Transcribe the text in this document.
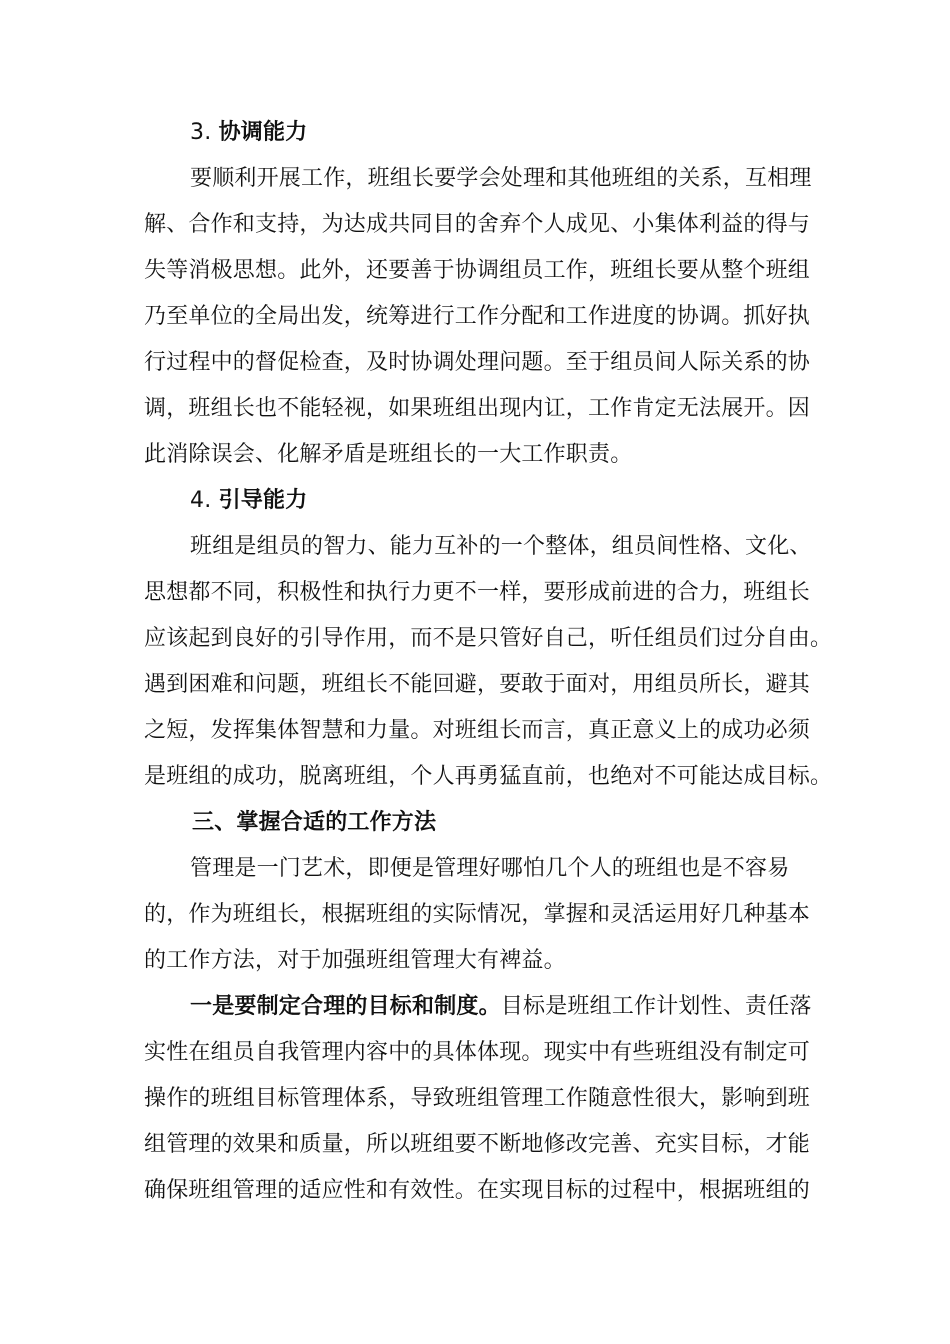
3. 协调能力
要顺利开展工作，班组长要学会处理和其他班组的关系，互相理
解、合作和支持，为达成共同目的舍弃个人成见、小集体利益的得与
失等消极思想。此外，还要善于协调组员工作，班组长要从整个班组
乃至单位的全局出发，统筹进行工作分配和工作进度的协调。抓好执
行过程中的督促检查，及时协调处理问题。至于组员间人际关系的协
调，班组长也不能轻视，如果班组出现内讧，工作肯定无法展开。因
此消除误会、化解矛盾是班组长的一大工作职责。
4. 引导能力
班组是组员的智力、能力互补的一个整体，组员间性格、文化、
思想都不同，积极性和执行力更不一样，要形成前进的合力，班组长
应该起到良好的引导作用，而不是只管好自己，听任组员们过分自由。
遇到困难和问题，班组长不能回避，要敢于面对，用组员所长，避其
之短，发挥集体智慧和力量。对班组长而言，真正意义上的成功必须
是班组的成功，脱离班组，个人再勇猛直前，也绝对不可能达成目标。
三、掌握合适的工作方法
管理是一门艺术，即便是管理好哪怕几个人的班组也是不容易
的，作为班组长，根据班组的实际情况，掌握和灵活运用好几种基本
的工作方法，对于加强班组管理大有裨益。
一是要制定合理的目标和制度。目标是班组工作计划性、责任落
实性在组员自我管理内容中的具体体现。现实中有些班组没有制定可
操作的班组目标管理体系，导致班组管理工作随意性很大，影响到班
组管理的效果和质量，所以班组要不断地修改完善、充实目标，才能
确保班组管理的适应性和有效性。在实现目标的过程中，根据班组的
